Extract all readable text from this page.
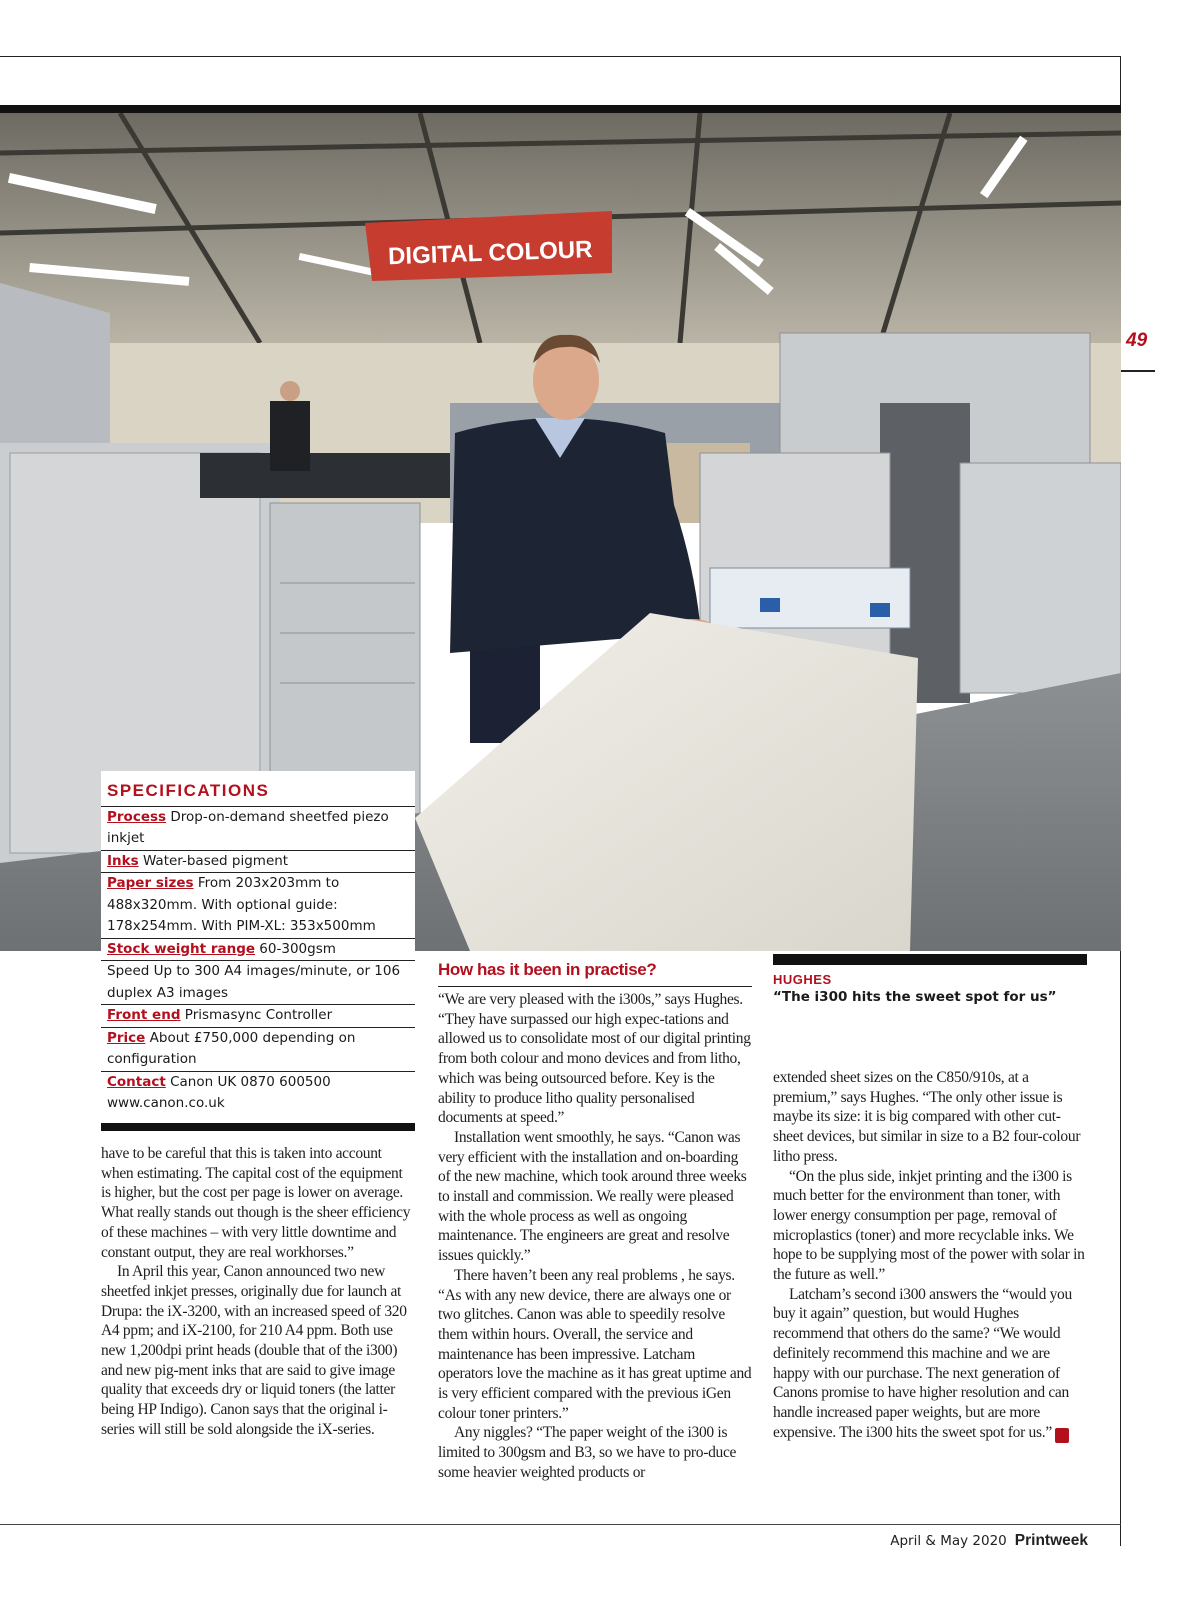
DIGITAL COLOUR
49
SPECIFICATIONS
Process Drop-on-demand sheetfed piezo inkjet
Inks Water-based pigment
Paper sizes From 203x203mm to 488x320mm. With optional guide: 178x254mm. With PIM-XL: 353x500mm
Stock weight range 60-300gsm
Speed Up to 300 A4 images/minute, or 106 duplex A3 images
Front end Prismasync Controller
Price About £750,000 depending on configuration
Contact Canon UK 0870 600500 www.canon.co.uk

have to be careful that this is taken into account when estimating. The capital cost of the equipment is higher, but the cost per page is lower on average. What really stands out though is the sheer efficiency of these machines – with very little downtime and constant output, they are real workhorses.”

In April this year, Canon announced two new sheetfed inkjet presses, originally due for launch at Drupa: the iX-3200, with an increased speed of 320 A4 ppm; and iX-2100, for 210 A4 ppm. Both use new 1,200dpi print heads (double that of the i300) and new pig-ment inks that are said to give image quality that exceeds dry or liquid toners (the latter being HP Indigo). Canon says that the original i-series will still be sold alongside the iX-series.

How has it been in practise?

“We are very pleased with the i300s,” says Hughes. “They have surpassed our high expec-tations and allowed us to consolidate most of our digital printing from both colour and mono devices and from litho, which was being outsourced before. Key is the ability to produce litho quality personalised documents at speed.”

Installation went smoothly, he says. “Canon was very efficient with the installation and on-boarding of the new machine, which took around three weeks to install and commission. We really were pleased with the whole process as well as ongoing maintenance. The engineers are great and resolve issues quickly.”

There haven’t been any real problems , he says. “As with any new device, there are always one or two glitches. Canon was able to speedily resolve them within hours. Overall, the service and maintenance has been impressive. Latcham operators love the machine as it has great uptime and is very efficient compared with the previous iGen colour toner printers.”

Any niggles? “The paper weight of the i300 is limited to 300gsm and B3, so we have to pro-duce some heavier weighted products or

HUGHES
“The i300 hits the sweet spot for us”

extended sheet sizes on the C850/910s, at a premium,” says Hughes. “The only other issue is maybe its size: it is big compared with other cut-sheet devices, but similar in size to a B2 four-colour litho press.

“On the plus side, inkjet printing and the i300 is much better for the environment than toner, with lower energy consumption per page, removal of microplastics (toner) and more recyclable inks. We hope to be supplying most of the power with solar in the future as well.”

Latcham’s second i300 answers the “would you buy it again” question, but would Hughes recommend that others do the same? “We would definitely recommend this machine and we are happy with our purchase. The next generation of Canons promise to have higher resolution and can handle increased paper weights, but are more expensive. The i300 hits the sweet spot for us.” P

April & May 2020 Printweek
